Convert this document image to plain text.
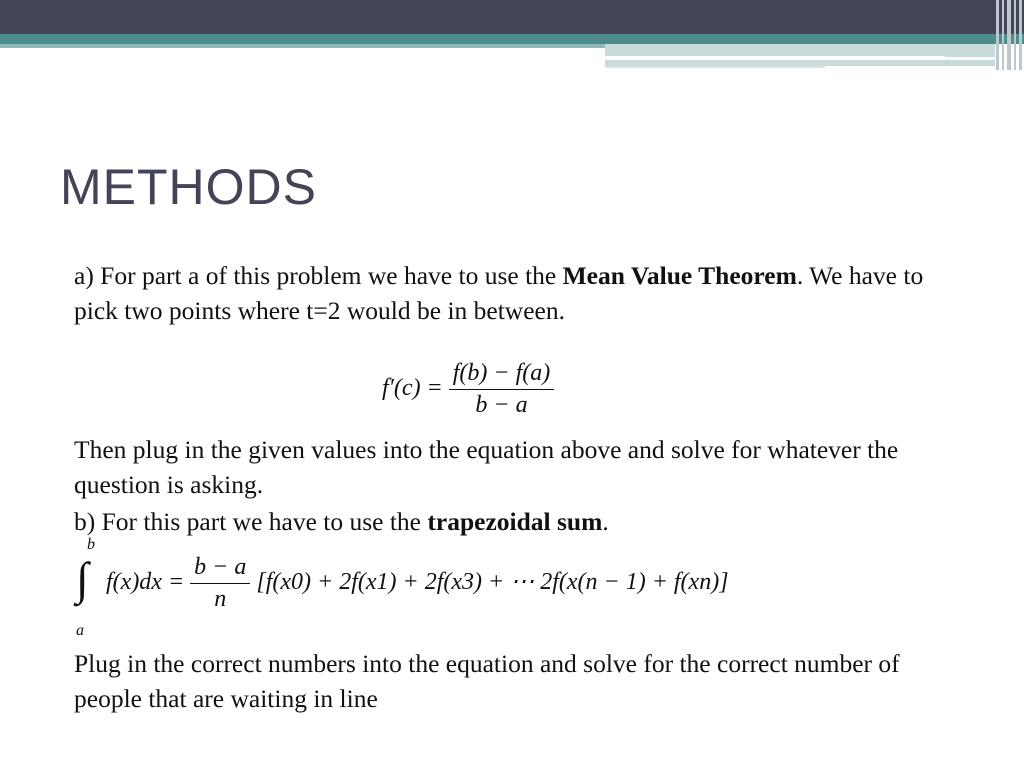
METHODS
a) For part a of this problem we have to use the Mean Value Theorem. We have to pick two points where t=2 would be in between.
$f'(c) = \frac{f(b) - f(a)}{b - a}$
Then plug in the given values into the equation above and solve for whatever the question is asking.
b) For this part we have to use the trapezoidal sum.
b
∫
a
$f(x)dx = \frac{b - a}{n} [f(x0) + 2f(x1) + 2f(x3)$ + ⋯ 2f(x(n − 1) + f(xn)]
Plug in the correct numbers into the equation and solve for the correct number of people that are waiting in line
